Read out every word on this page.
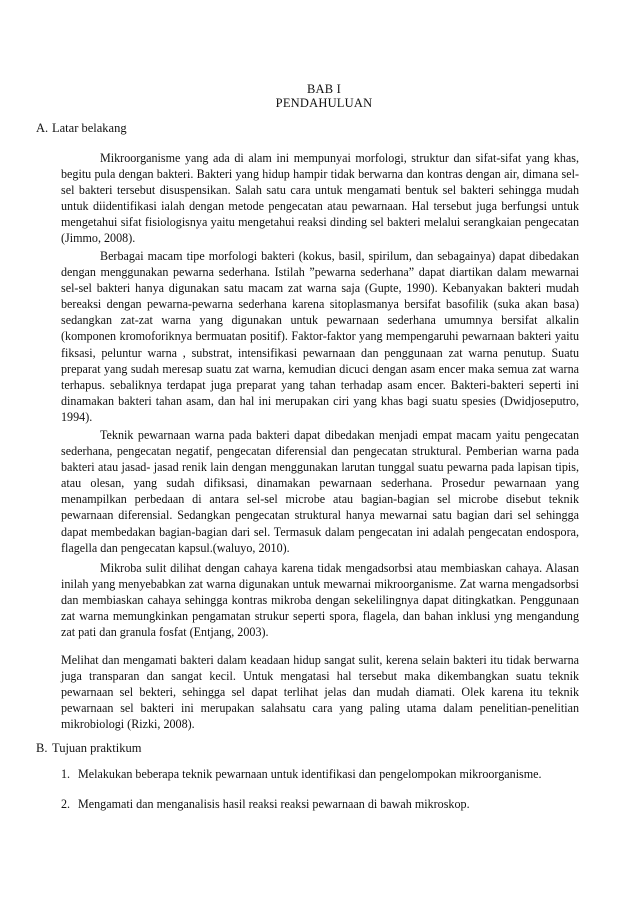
BAB I
PENDAHULUAN
A. Latar belakang

Mikroorganisme yang ada di alam ini mempunyai morfologi, struktur dan sifat-sifat yang khas, begitu pula dengan bakteri. Bakteri yang hidup hampir tidak berwarna dan kontras dengan air, dimana sel-sel bakteri tersebut disuspensikan. Salah satu cara untuk mengamati bentuk sel bakteri sehingga mudah untuk diidentifikasi ialah dengan metode pengecatan atau pewarnaan. Hal tersebut juga berfungsi untuk mengetahui sifat fisiologisnya yaitu mengetahui reaksi dinding sel bakteri melalui serangkaian pengecatan (Jimmo, 2008).

Berbagai macam tipe morfologi bakteri (kokus, basil, spirilum, dan sebagainya) dapat dibedakan dengan menggunakan pewarna sederhana. Istilah ”pewarna sederhana” dapat diartikan dalam mewarnai sel-sel bakteri hanya digunakan satu macam zat warna saja (Gupte, 1990). Kebanyakan bakteri mudah bereaksi dengan pewarna-pewarna sederhana karena sitoplasmanya bersifat basofilik (suka akan basa) sedangkan zat-zat warna yang digunakan untuk pewarnaan sederhana umumnya bersifat alkalin (komponen kromoforiknya bermuatan positif). Faktor-faktor yang mempengaruhi pewarnaan bakteri yaitu fiksasi, peluntur warna , substrat, intensifikasi pewarnaan dan penggunaan zat warna penutup. Suatu preparat yang sudah meresap suatu zat warna, kemudian dicuci dengan asam encer maka semua zat warna terhapus. sebaliknya terdapat juga preparat yang tahan terhadap asam encer. Bakteri-bakteri seperti ini dinamakan bakteri tahan asam, dan hal ini merupakan ciri yang khas bagi suatu spesies (Dwidjoseputro, 1994).

Teknik pewarnaan warna pada bakteri dapat dibedakan menjadi empat macam yaitu pengecatan sederhana, pengecatan negatif, pengecatan diferensial dan pengecatan struktural. Pemberian warna pada bakteri atau jasad- jasad renik lain dengan menggunakan larutan tunggal suatu pewarna pada lapisan tipis, atau olesan, yang sudah difiksasi, dinamakan pewarnaan sederhana. Prosedur pewarnaan yang menampilkan perbedaan di antara sel-sel microbe atau bagian-bagian sel microbe disebut teknik pewarnaan diferensial. Sedangkan pengecatan struktural hanya mewarnai satu bagian dari sel sehingga dapat membedakan bagian-bagian dari sel. Termasuk dalam pengecatan ini adalah pengecatan endospora, flagella dan pengecatan kapsul.(waluyo, 2010).

Mikroba sulit dilihat dengan cahaya karena tidak mengadsorbsi atau membiaskan cahaya. Alasan inilah yang menyebabkan zat warna digunakan untuk mewarnai mikroorganisme. Zat warna mengadsorbsi dan membiaskan cahaya sehingga kontras mikroba dengan sekelilingnya dapat ditingkatkan. Penggunaan zat warna memungkinkan pengamatan strukur seperti spora, flagela, dan bahan inklusi yng mengandung zat pati dan granula fosfat (Entjang, 2003).

Melihat dan mengamati bakteri dalam keadaan hidup sangat sulit, kerena selain bakteri itu tidak berwarna juga transparan dan sangat kecil. Untuk mengatasi hal tersebut maka dikembangkan suatu teknik pewarnaan sel bekteri, sehingga sel dapat terlihat jelas dan mudah diamati. Olek karena itu teknik pewarnaan sel bakteri ini merupakan salahsatu cara yang paling utama dalam penelitian-penelitian mikrobiologi (Rizki, 2008).

B. Tujuan praktikum
1. Melakukan beberapa teknik pewarnaan untuk identifikasi dan pengelompokan mikroorganisme.
2. Mengamati dan menganalisis hasil reaksi reaksi pewarnaan di bawah mikroskop.
